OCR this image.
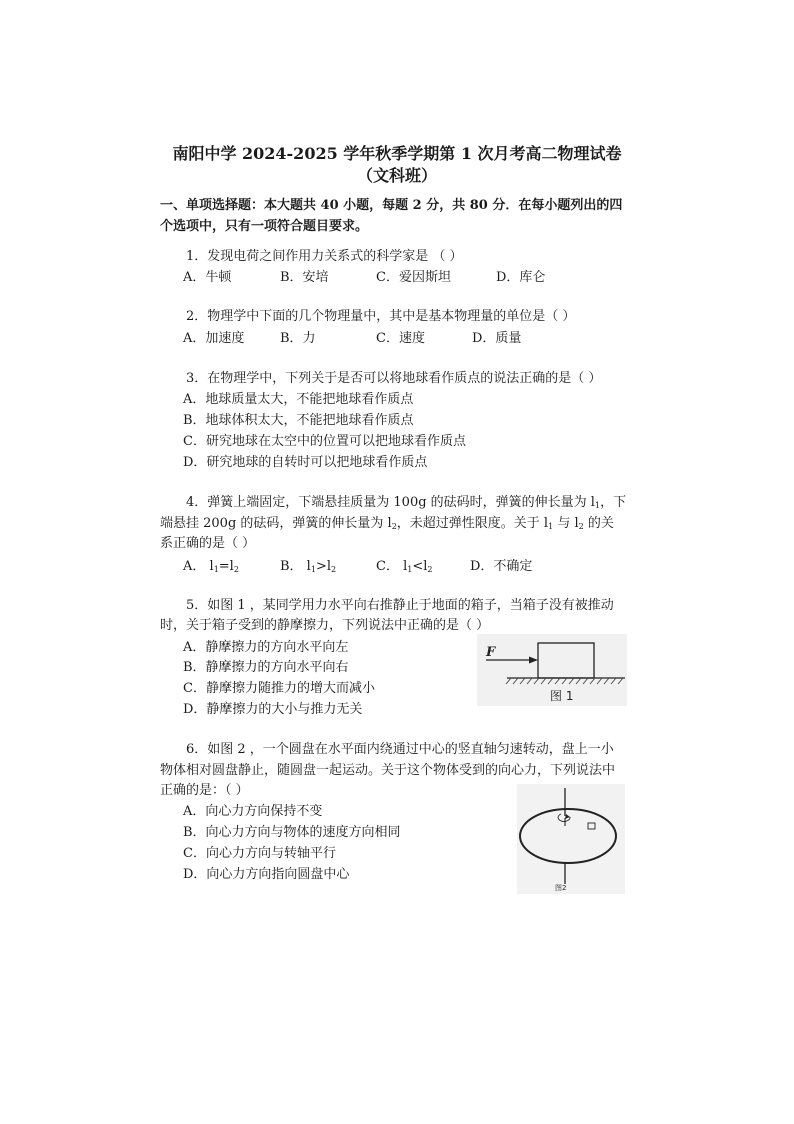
南阳中学 2024-2025 学年秋季学期第 1 次月考高二物理试卷
（文科班）
一、单项选择题：本大题共 40 小题，每题 2 分，共 80 分．在每小题列出的四
个选项中，只有一项符合题目要求。
1．发现电荷之间作用力关系式的科学家是 （ ）
A．牛顿	B．安培	C．爱因斯坦	D．库仑
2．物理学中下面的几个物理量中，其中是基本物理量的单位是（ ）
A．加速度	B．力	C．速度	D．质量
3．在物理学中，下列关于是否可以将地球看作质点的说法正确的是（ ）
A．地球质量太大，不能把地球看作质点
B．地球体积太大，不能把地球看作质点
C．研究地球在太空中的位置可以把地球看作质点
D．研究地球的自转时可以把地球看作质点
4．弹簧上端固定，下端悬挂质量为 100g 的砝码时，弹簧的伸长量为 $l_1$，下
端悬挂 200g 的砝码，弹簧的伸长量为 $l_2$，未超过弹性限度。关于 $l_1$ 与 $l_2$ 的关
系正确的是（ ）
A． $l_1=l_2$	B． $l_1>l_2$	C． $l_1<l_2$	D．不确定
5．如图 1 ，某同学用力水平向右推静止于地面的箱子，当箱子没有被推动
时，关于箱子受到的静摩擦力，下列说法中正确的是（ ）
A．静摩擦力的方向水平向左
B．静摩擦力的方向水平向右
C．静摩擦力随推力的增大而减小
D．静摩擦力的大小与推力无关
F
图 1
6．如图 2 ，一个圆盘在水平面内绕通过中心的竖直轴匀速转动，盘上一小
物体相对圆盘静止，随圆盘一起运动。关于这个物体受到的向心力，下列说法中
正确的是：（ ）
A．向心力方向保持不变
B．向心力方向与物体的速度方向相同
C．向心力方向与转轴平行
D．向心力方向指向圆盘中心
图2
